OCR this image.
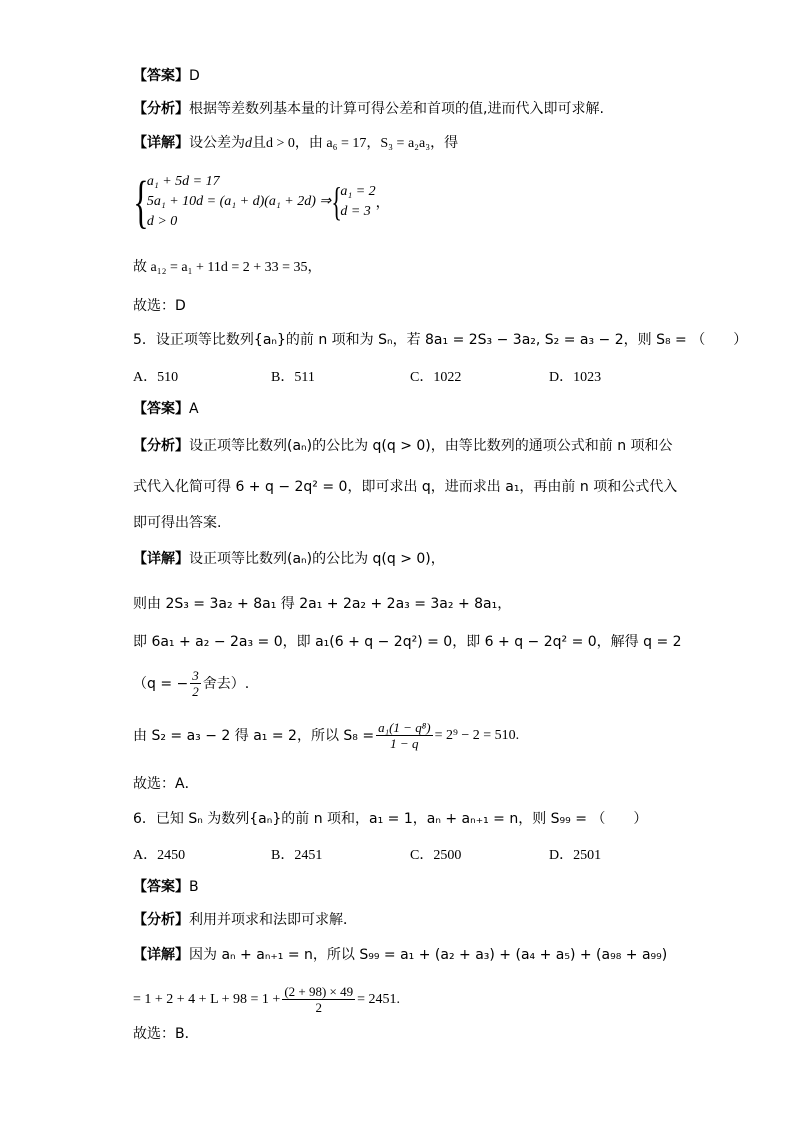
【答案】D
【分析】根据等差数列基本量的计算可得公差和首项的值,进而代入即可求解.
【详解】设公差为d且d > 0，由 a₆ = 17，S₃ = a₂a₃，得
{
a₁ + 5d = 17
5a₁ + 10d = (a₁ + d)(a₁ + 2d) ⇒
d > 0	{
a₁ = 2
d = 3
，
故 a₁₂ = a₁ + 11d = 2 + 33 = 35，
故选：D
5．设正项等比数列{aₙ}的前 n 项和为 Sₙ，若 8a₁ = 2S₃ − 3a₂, S₂ = a₃ − 2，则 S₈ = （　　）
A．510	B．511	C．1022	D．1023
【答案】A
【分析】设正项等比数列(aₙ)的公比为 q(q > 0)，由等比数列的通项公式和前 n 项和公
式代入化简可得 6 + q − 2q² = 0，即可求出 q，进而求出 a₁，再由前 n 项和公式代入
即可得出答案.
【详解】设正项等比数列(aₙ)的公比为 q(q > 0)，
则由 2S₃ = 3a₂ + 8a₁ 得 2a₁ + 2a₂ + 2a₃ = 3a₂ + 8a₁，
即 6a₁ + a₂ − 2a₃ = 0，即 a₁(6 + q − 2q²) = 0，即 6 + q − 2q² = 0，解得 q = 2
（q = − $\frac{3}{2}$ 舍去）.
由 S₂ = a₃ − 2 得 a₁ = 2，所以 $S_8 = \frac{\text{a₁(1 − q⁸)}}{1 - q} = 2^9 - 2 = 510$.
故选：A．
6．已知 Sₙ 为数列{aₙ}的前 n 项和，a₁ = 1，aₙ + aₙ₊₁ = n，则 S₉₉ = （　　）
A．2450	B．2451	C．2500	D．2501
【答案】B
【分析】利用并项求和法即可求解．
【详解】因为 aₙ + aₙ₊₁ = n，所以 S₉₉ = a₁ + (a₂ + a₃) + (a₄ + a₅) + (a₉₈ + a₉₉)
= $1 + 2 + 4 + L + 98 = 1 + \frac{(2 + 98) \times 49}{2} = 2451$.
故选：B．
